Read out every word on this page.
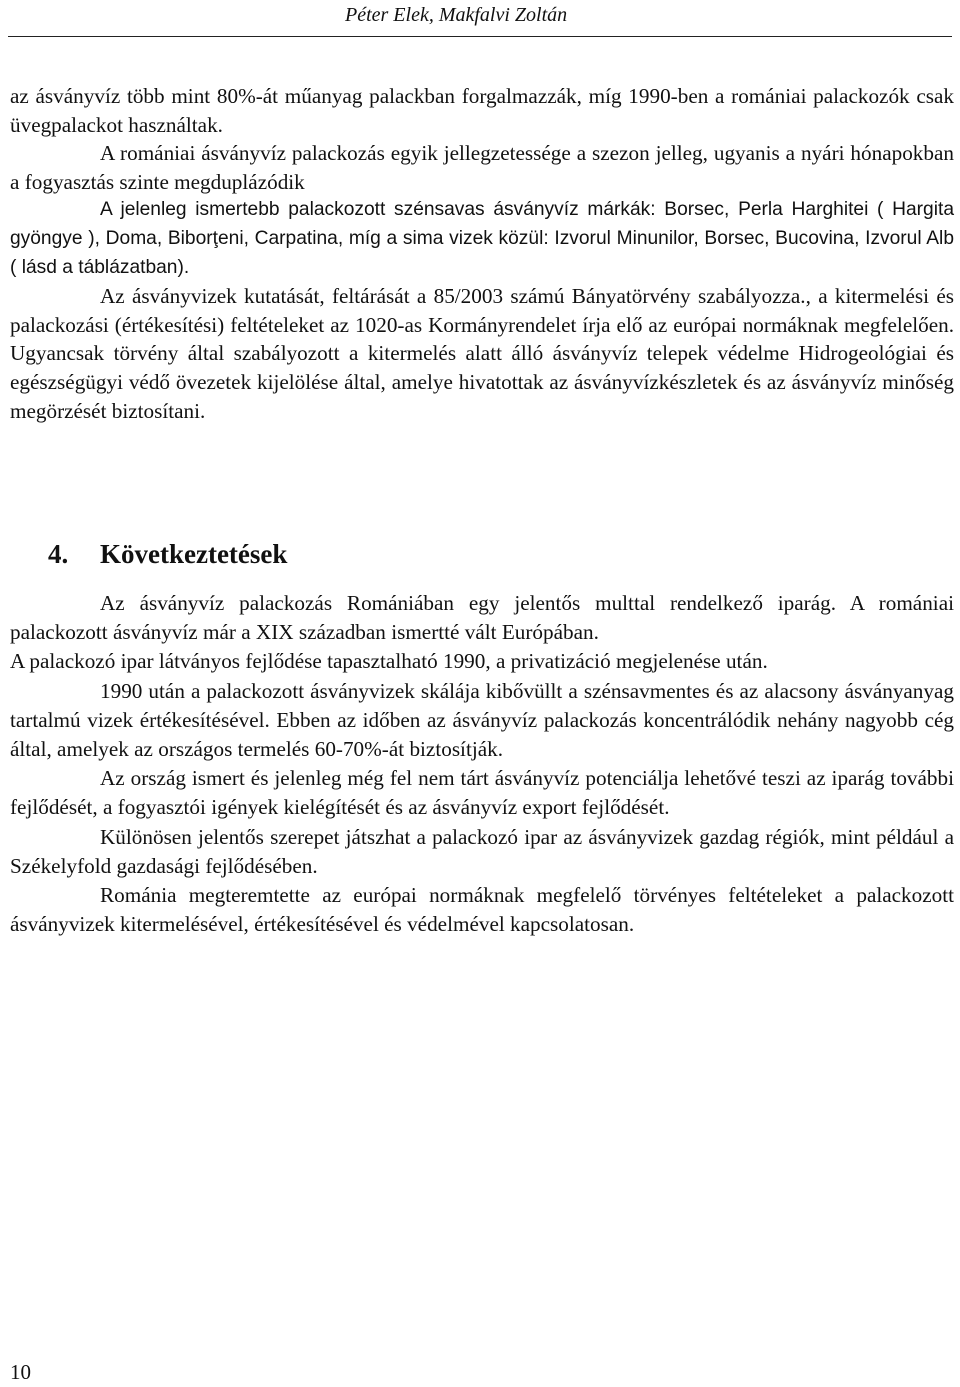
Péter Elek, Makfalvi Zoltán

az ásványvíz több mint 80%-át műanyag palackban forgalmazzák, míg 1990-ben a romániai palackozók csak üvegpalackot használtak.

A romániai ásványvíz palackozás egyik jellegzetessége a szezon jelleg, ugyanis a nyári hónapokban a fogyasztás szinte megduplázódik

A jelenleg ismertebb palackozott szénsavas ásványvíz márkák: Borsec, Perla Harghitei ( Hargita gyöngye ), Doma, Biborţeni, Carpatina, míg a sima vizek közül: Izvorul Minunilor, Borsec, Bucovina, Izvorul Alb ( lásd a táblázatban).

Az ásványvizek kutatását, feltárását a 85/2003 számú Bányatörvény szabályozza., a kitermelési és palackozási (értékesítési) feltételeket az 1020-as Kormányrendelet írja elő az európai normáknak megfelelően. Ugyancsak törvény által szabályozott a kitermelés alatt álló ásványvíz telepek védelme Hidrogeológiai és egészségügyi védő övezetek kijelölése által, amelye hivatottak az ásványvízkészletek és az ásványvíz minőség megörzését biztosítani.

4. Következtetések

Az ásványvíz palackozás Romániában egy jelentős multtal rendelkező iparág. A romániai palackozott ásványvíz már a XIX században ismertté vált Európában.

A palackozó ipar látványos fejlődése tapasztalható 1990, a privatizáció megjelenése után.

1990 után a palackozott ásványvizek skálája kibővüllt a szénsavmentes és az alacsony ásványanyag tartalmú vizek értékesítésével. Ebben az időben az ásványvíz palackozás koncentrálódik nehány nagyobb cég által, amelyek az országos termelés 60-70%-át biztosítják.

Az ország ismert és jelenleg még fel nem tárt ásványvíz potenciálja lehetővé teszi az iparág további fejlődését, a fogyasztói igények kielégítését és az ásványvíz export fejlődését.

Különösen jelentős szerepet játszhat a palackozó ipar az ásványvizek gazdag régiók, mint például a Székelyfold gazdasági fejlődésében.

Románia megteremtette az európai normáknak megfelelő törvényes feltételeket a palackozott ásványvizek kitermelésével, értékesítésével és védelmével kapcsolatosan.

10
